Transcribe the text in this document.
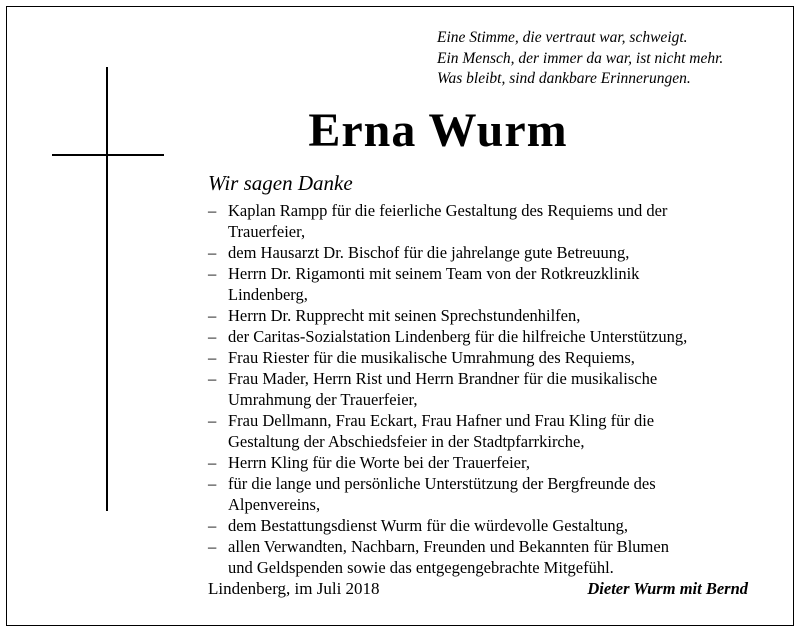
Eine Stimme, die vertraut war, schweigt.
Ein Mensch, der immer da war, ist nicht mehr.
Was bleibt, sind dankbare Erinnerungen.
Erna Wurm
Wir sagen Danke
– Kaplan Rampp für die feierliche Gestaltung des Requiems und der
Trauerfeier,
– dem Hausarzt Dr. Bischof für die jahrelange gute Betreuung,
– Herrn Dr. Rigamonti mit seinem Team von der Rotkreuzklinik
Lindenberg,
– Herrn Dr. Rupprecht mit seinen Sprechstundenhilfen,
– der Caritas-Sozialstation Lindenberg für die hilfreiche Unterstützung,
– Frau Riester für die musikalische Umrahmung des Requiems,
– Frau Mader, Herrn Rist und Herrn Brandner für die musikalische
Umrahmung der Trauerfeier,
– Frau Dellmann, Frau Eckart, Frau Hafner und Frau Kling für die
Gestaltung der Abschiedsfeier in der Stadtpfarrkirche,
– Herrn Kling für die Worte bei der Trauerfeier,
– für die lange und persönliche Unterstützung der Bergfreunde des
Alpenvereins,
– dem Bestattungsdienst Wurm für die würdevolle Gestaltung,
– allen Verwandten, Nachbarn, Freunden und Bekannten für Blumen
und Geldspenden sowie das entgegengebrachte Mitgefühl.
Lindenberg, im Juli 2018	Dieter Wurm mit Bernd
